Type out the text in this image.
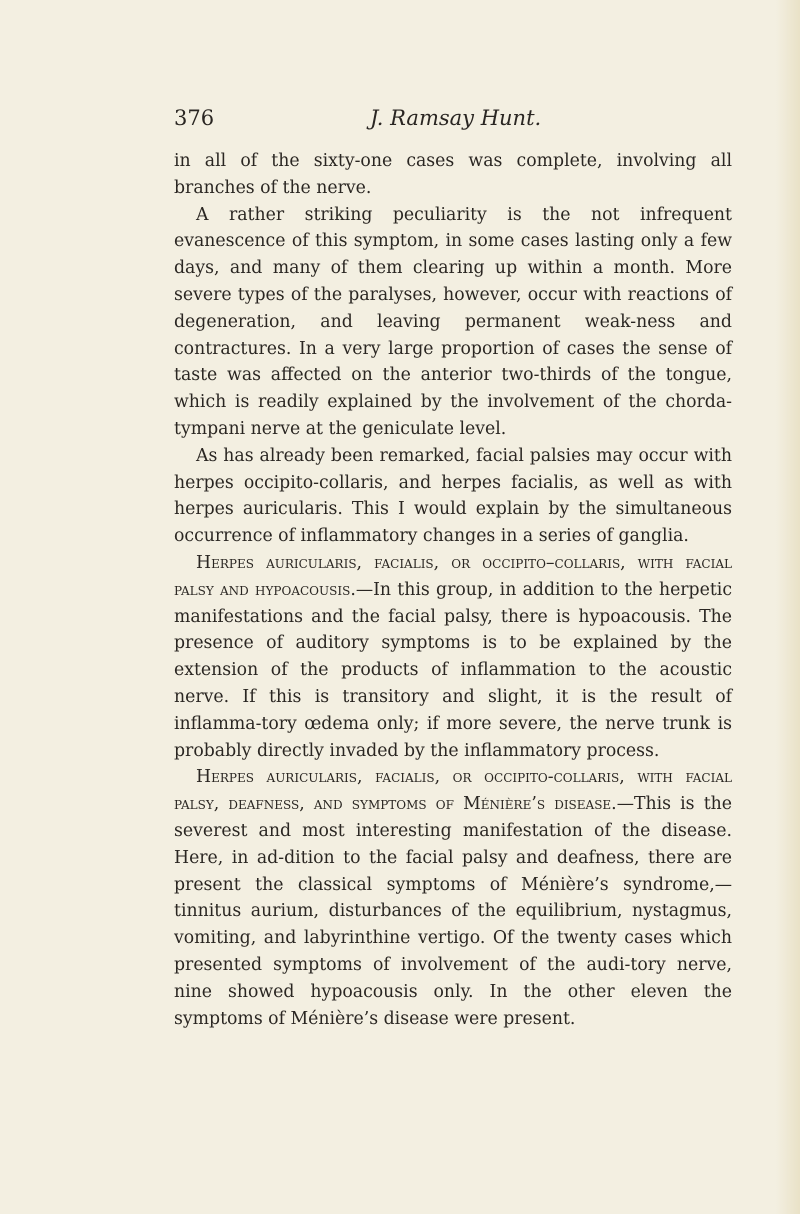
376	J. Ramsay Hunt.

in all of the sixty-one cases was complete, involving all branches of the nerve.

A rather striking peculiarity is the not infrequent evanescence of this symptom, in some cases lasting only a few days, and many of them clearing up within a month. More severe types of the paralyses, however, occur with reactions of degeneration, and leaving permanent weak-ness and contractures. In a very large proportion of cases the sense of taste was affected on the anterior two-thirds of the tongue, which is readily explained by the involvement of the chorda-tympani nerve at the geniculate level.

As has already been remarked, facial palsies may occur with herpes occipito-collaris, and herpes facialis, as well as with herpes auricularis. This I would explain by the simultaneous occurrence of inflammatory changes in a series of ganglia.

Herpes auricularis, facialis, or occipito–collaris, with facial palsy and hypoacousis.—In this group, in addition to the herpetic manifestations and the facial palsy, there is hypoacousis. The presence of auditory symptoms is to be explained by the extension of the products of inflammation to the acoustic nerve. If this is transitory and slight, it is the result of inflamma-tory œdema only; if more severe, the nerve trunk is probably directly invaded by the inflammatory process.

Herpes auricularis, facialis, or occipito-collaris, with facial palsy, deafness, and symptoms of Ménière’s disease.—This is the severest and most interesting manifestation of the disease. Here, in ad-dition to the facial palsy and deafness, there are present the classical symptoms of Ménière’s syndrome,—tinnitus aurium, disturbances of the equilibrium, nystagmus, vomiting, and labyrinthine vertigo. Of the twenty cases which presented symptoms of involvement of the audi-tory nerve, nine showed hypoacousis only. In the other eleven the symptoms of Ménière’s disease were present.
